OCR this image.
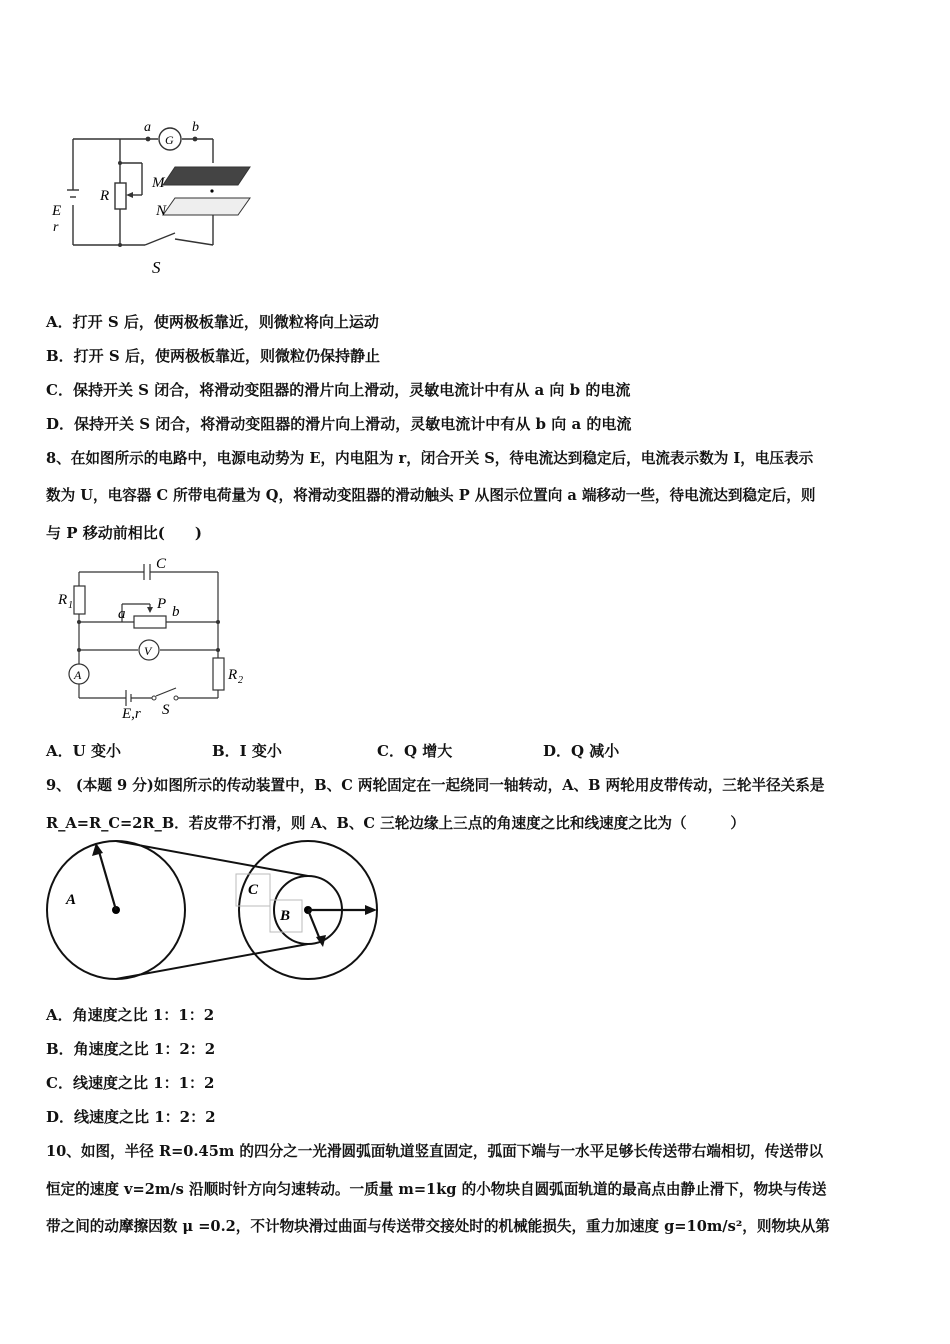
a
G
b
M
N
R
E
r
S
A．打开 S 后，使两极板靠近，则微粒将向上运动
B．打开 S 后，使两极板靠近，则微粒仍保持静止
C．保持开关 S 闭合，将滑动变阻器的滑片向上滑动，灵敏电流计中有从 a 向 b 的电流
D．保持开关 S 闭合，将滑动变阻器的滑片向上滑动，灵敏电流计中有从 b 向 a 的电流
8、在如图所示的电路中，电源电动势为 E，内电阻为 r，闭合开关 S，待电流达到稳定后，电流表示数为 I，电压表示
数为 U，电容器 C 所带电荷量为 Q，将滑动变阻器的滑动触头 P 从图示位置向 a 端移动一些，待电流达到稳定后，则
与 P 移动前相比(　　)
C
R 1
a
P b
V
A	R 2
E,r S
A．U 变小	B．I 变小	C．Q 增大	D．Q 减小
9、 (本题 9 分)如图所示的传动装置中，B、C 两轮固定在一起绕同一轴转动，A、B 两轮用皮带传动，三轮半径关系是
R_A=R_C=2R_B．若皮带不打滑，则 A、B、C 三轮边缘上三点的角速度之比和线速度之比为（　　　）
A
C
B
A．角速度之比 1：1：2
B．角速度之比 1：2：2
C．线速度之比 1：1：2
D．线速度之比 1：2：2
10、如图，半径 R=0.45m 的四分之一光滑圆弧面轨道竖直固定，弧面下端与一水平足够长传送带右端相切，传送带以
恒定的速度 v=2m/s 沿顺时针方向匀速转动。一质量 m=1kg 的小物块自圆弧面轨道的最高点由静止滑下，物块与传送
带之间的动摩擦因数 μ =0.2，不计物块滑过曲面与传送带交接处时的机械能损失，重力加速度 g=10m/s²，则物块从第
